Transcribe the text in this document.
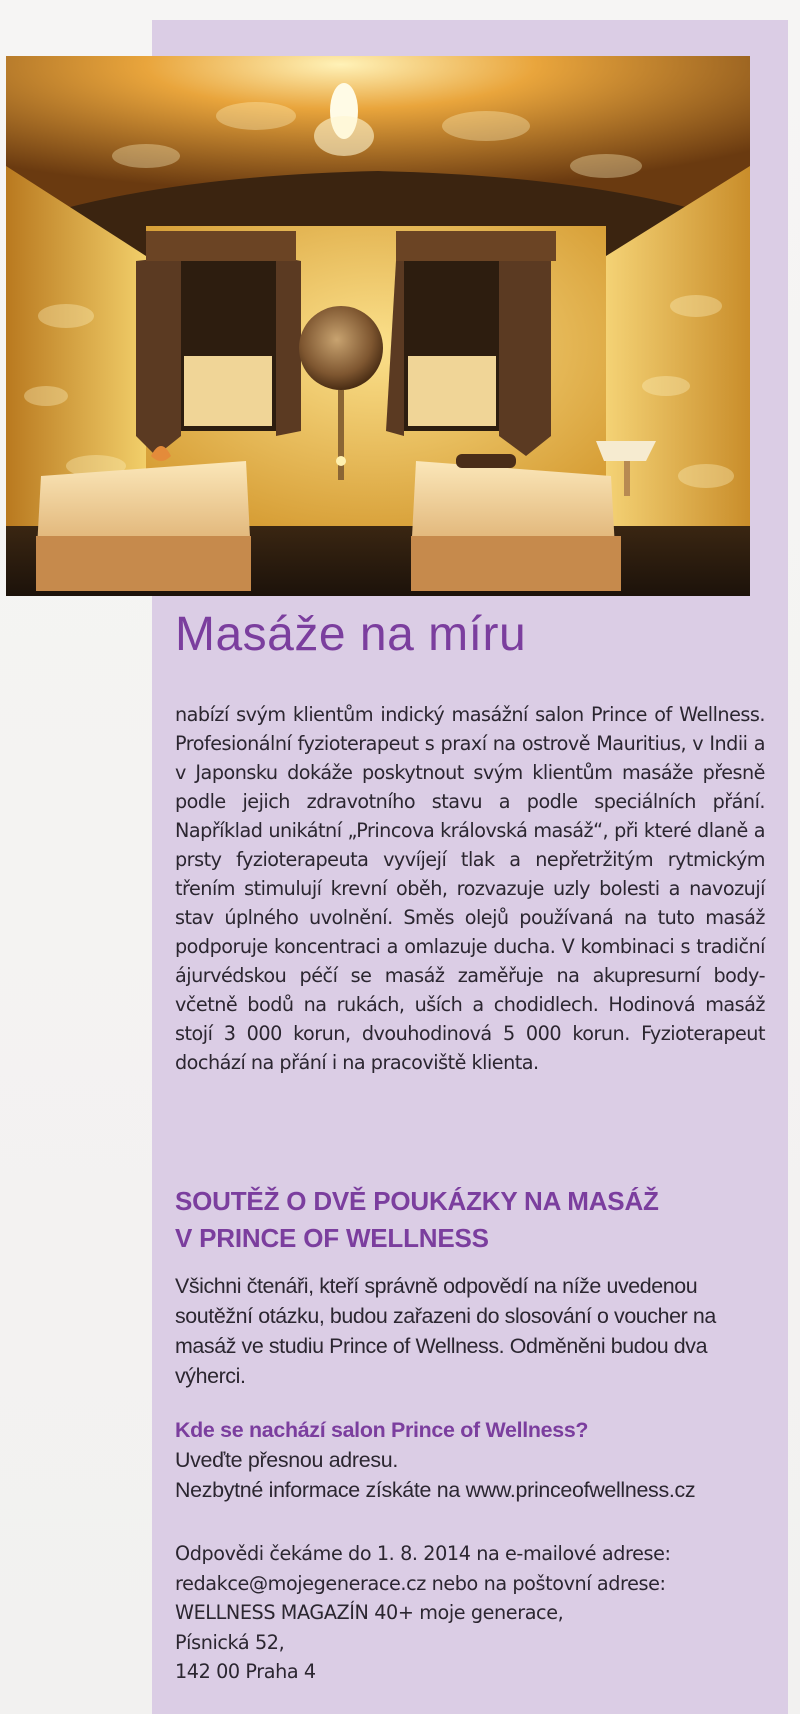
Masáže na míru

nabízí svým klientům indický masážní salon Prince of Wellness. Profesionální fyzioterapeut s praxí na ostrově Mauritius, v Indii a v Japonsku dokáže poskytnout svým klientům masáže přesně podle jejich zdravotního stavu a podle speciálních přání. Například unikátní „Princova královská masáž“, při které dlaně a prsty fyzioterapeuta vyvíjejí tlak a nepřetržitým rytmickým třením stimulují krevní oběh, rozvazuje uzly bolesti a navozují stav úplného uvolnění. Směs olejů používaná na tuto masáž podporuje koncentraci a omlazuje ducha. V kombinaci s tradiční ájurvédskou péčí se masáž zaměřuje na akupresurní body- včetně bodů na rukách, uších a chodidlech. Hodinová masáž stojí 3 000 korun, dvouhodinová 5 000 korun. Fyzioterapeut dochází na přání i na pracoviště klienta.

SOUTĚŽ O DVĚ POUKÁZKY NA MASÁŽ
V PRINCE OF WELLNESS

Všichni čtenáři, kteří správně odpovědí na níže uvedenou soutěžní otázku, budou zařazeni do slosování o voucher na masáž ve studiu Prince of Wellness. Odměněni budou dva výherci.

Kde se nachází salon Prince of Wellness?
Uveďte přesnou adresu.
Nezbytné informace získáte na www.princeofwellness.cz
Odpovědi čekáme do 1. 8. 2014 na e-mailové adrese:
redakce@mojegenerace.cz nebo na poštovní adrese:
WELLNESS MAGAZÍN 40+ moje generace,
Písnická 52,
142 00 Praha 4
